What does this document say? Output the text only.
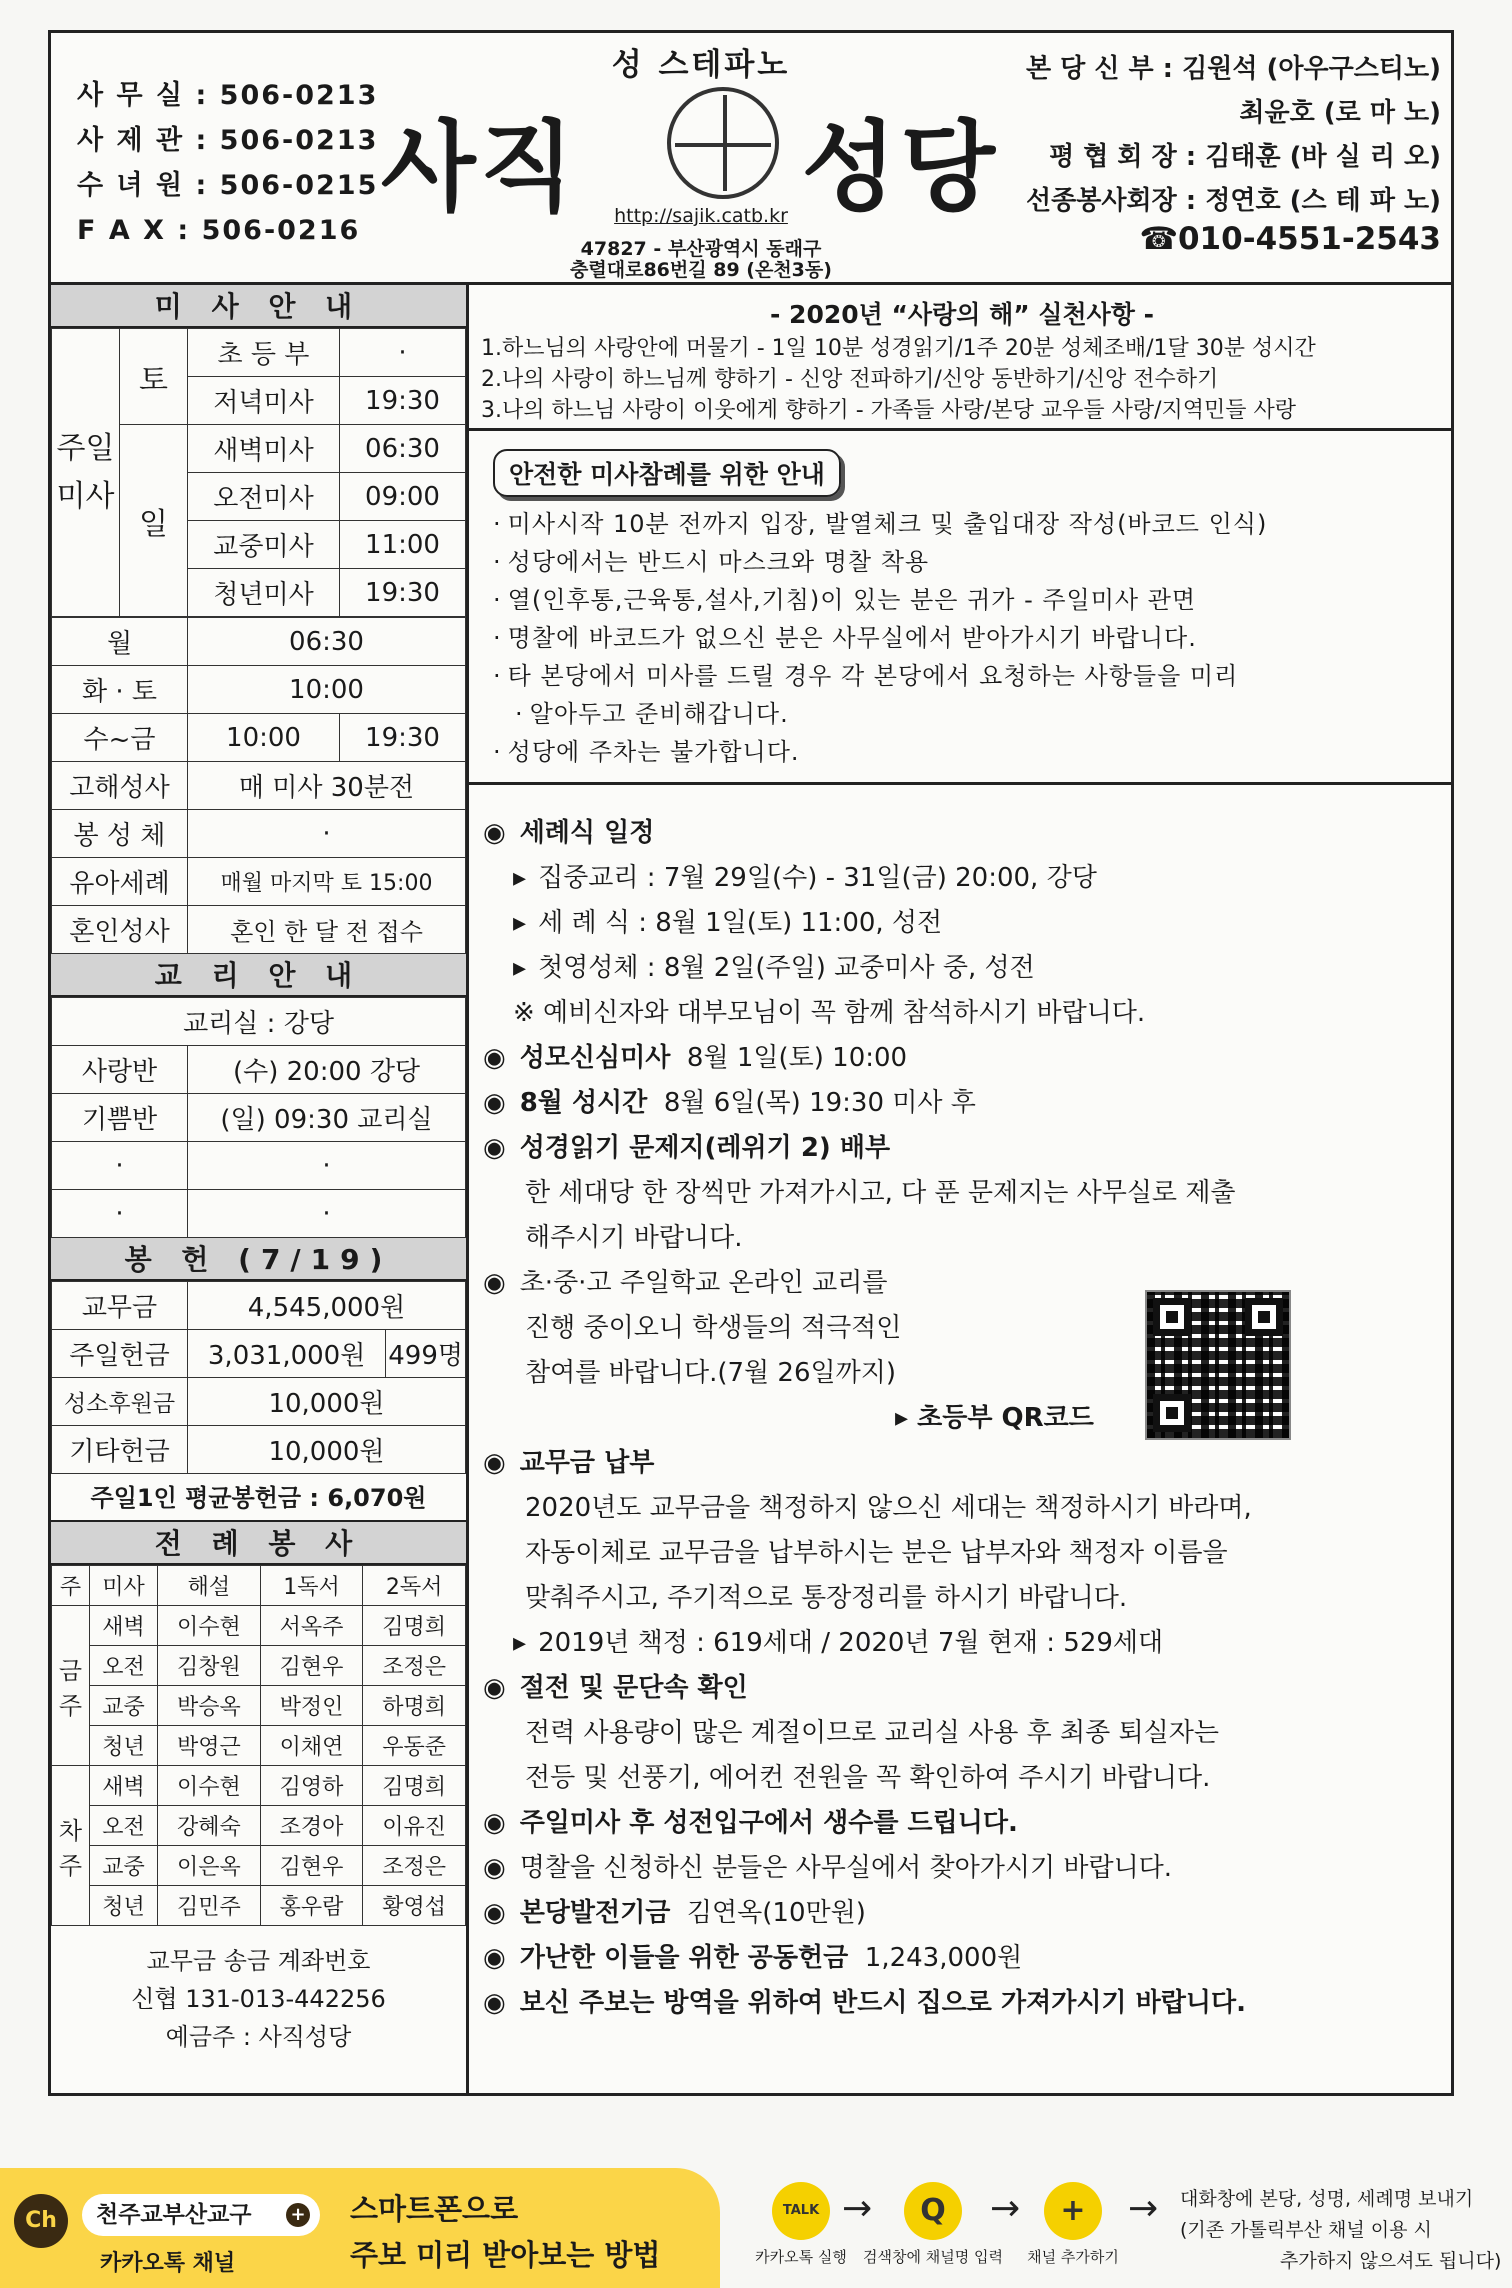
사 무 실 : 506-0213
사 제 관 : 506-0213
수 녀 원 : 506-0215
F A X : 506-0216
성 스테파노
사직 성당
http://sajik.catb.kr
47827 - 부산광역시 동래구
충렬대로86번길 89 (온천3동)
본 당 신 부 : 김원석 (아우구스티노)
최윤호 (로 마 노)
평 협 회 장 : 김태훈 (바 실 리 오)
선종봉사회장 : 정연호 (스 테 파 노)
☎010-4551-2543
미 사 안 내
주일미사	토	초 등 부	·
		저녁미사	19:30
	일	새벽미사	06:30
		오전미사	09:00
		교중미사	11:00
		청년미사	19:30
월	06:30	
화 · 토	10:00	
수~금	10:00	19:30
고해성사	매 미사 30분전	
봉 성 체	·	
유아세례	매월 마지막 토 15:00	
혼인성사	혼인 한 달 전 접수	
교 리 안 내
교리실 : 강당	
사랑반	(수) 20:00 강당
기쁨반	(일) 09:30 교리실
·	·
·	·
봉 헌 (7/19)
교무금	4,545,000원	
주일헌금	3,031,000원	499명
성소후원금	10,000원	
기타헌금	10,000원	
주일1인 평균봉헌금 : 6,070원
전 례 봉 사
주	미사	해설	1독서	2독서
금주	새벽	이수현	서옥주	김명희
	오전	김창원	김현우	조정은
	교중	박승옥	박정인	하명희
	청년	박영근	이채연	우동준
차주	새벽	이수현	김영하	김명희
	오전	강혜숙	조경아	이유진
	교중	이은옥	김현우	조정은
	청년	김민주	홍우람	황영섭
교무금 송금 계좌번호
신협 131-013-442256
예금주 : 사직성당
- 2020년 “사랑의 해” 실천사항 -
1.하느님의 사랑안에 머물기 - 1일 10분 성경읽기/1주 20분 성체조배/1달 30분 성시간
2.나의 사랑이 하느님께 향하기 - 신앙 전파하기/신앙 동반하기/신앙 전수하기
3.나의 하느님 사랑이 이웃에게 향하기 - 가족들 사랑/본당 교우들 사랑/지역민들 사랑
안전한 미사참례를 위한 안내
· 미사시작 10분 전까지 입장, 발열체크 및 출입대장 작성(바코드 인식)
· 성당에서는 반드시 마스크와 명찰 착용
· 열(인후통,근육통,설사,기침)이 있는 분은 귀가 - 주일미사 관면
· 명찰에 바코드가 없으신 분은 사무실에서 받아가시기 바랍니다.
· 타 본당에서 미사를 드릴 경우 각 본당에서 요청하는 사항들을 미리
· 알아두고 준비해갑니다.
· 성당에 주차는 불가합니다.
◉ 세례식 일정
▸ 집중교리 : 7월 29일(수) - 31일(금) 20:00, 강당
▸ 세 례 식 : 8월 1일(토) 11:00, 성전
▸ 첫영성체 : 8월 2일(주일) 교중미사 중, 성전
※ 예비신자와 대부모님이 꼭 함께 참석하시기 바랍니다.
◉ 성모신심미사 8월 1일(토) 10:00
◉ 8월 성시간 8월 6일(목) 19:30 미사 후
◉ 성경읽기 문제지(레위기 2) 배부
한 세대당 한 장씩만 가져가시고, 다 푼 문제지는 사무실로 제출
해주시기 바랍니다.
◉ 초·중·고 주일학교 온라인 교리를
진행 중이오니 학생들의 적극적인
참여를 바랍니다.(7월 26일까지)
▸ 초등부 QR코드
◉ 교무금 납부
2020년도 교무금을 책정하지 않으신 세대는 책정하시기 바라며,
자동이체로 교무금을 납부하시는 분은 납부자와 책정자 이름을
맞춰주시고, 주기적으로 통장정리를 하시기 바랍니다.
▸ 2019년 책정 : 619세대 / 2020년 7월 현재 : 529세대
◉ 절전 및 문단속 확인
전력 사용량이 많은 계절이므로 교리실 사용 후 최종 퇴실자는
전등 및 선풍기, 에어컨 전원을 꼭 확인하여 주시기 바랍니다.
◉ 주일미사 후 성전입구에서 생수를 드립니다.
◉ 명찰을 신청하신 분들은 사무실에서 찾아가시기 바랍니다.
◉ 본당발전기금 김연옥(10만원)
◉ 가난한 이들을 위한 공동헌금 1,243,000원
◉ 보신 주보는 방역을 위하여 반드시 집으로 가져가시기 바랍니다.
Ch	천주교부산교구 +
카카오톡 채널
스마트폰으로
주보 미리 받아보는 방법
TALK
카카오톡 실행
→	Q
검색창에 채널명 입력
→	+
채널 추가하기
→ 대화창에 본당, 성명, 세례명 보내기
(기존 가톨릭부산 채널 이용 시
추가하지 않으셔도 됩니다)
